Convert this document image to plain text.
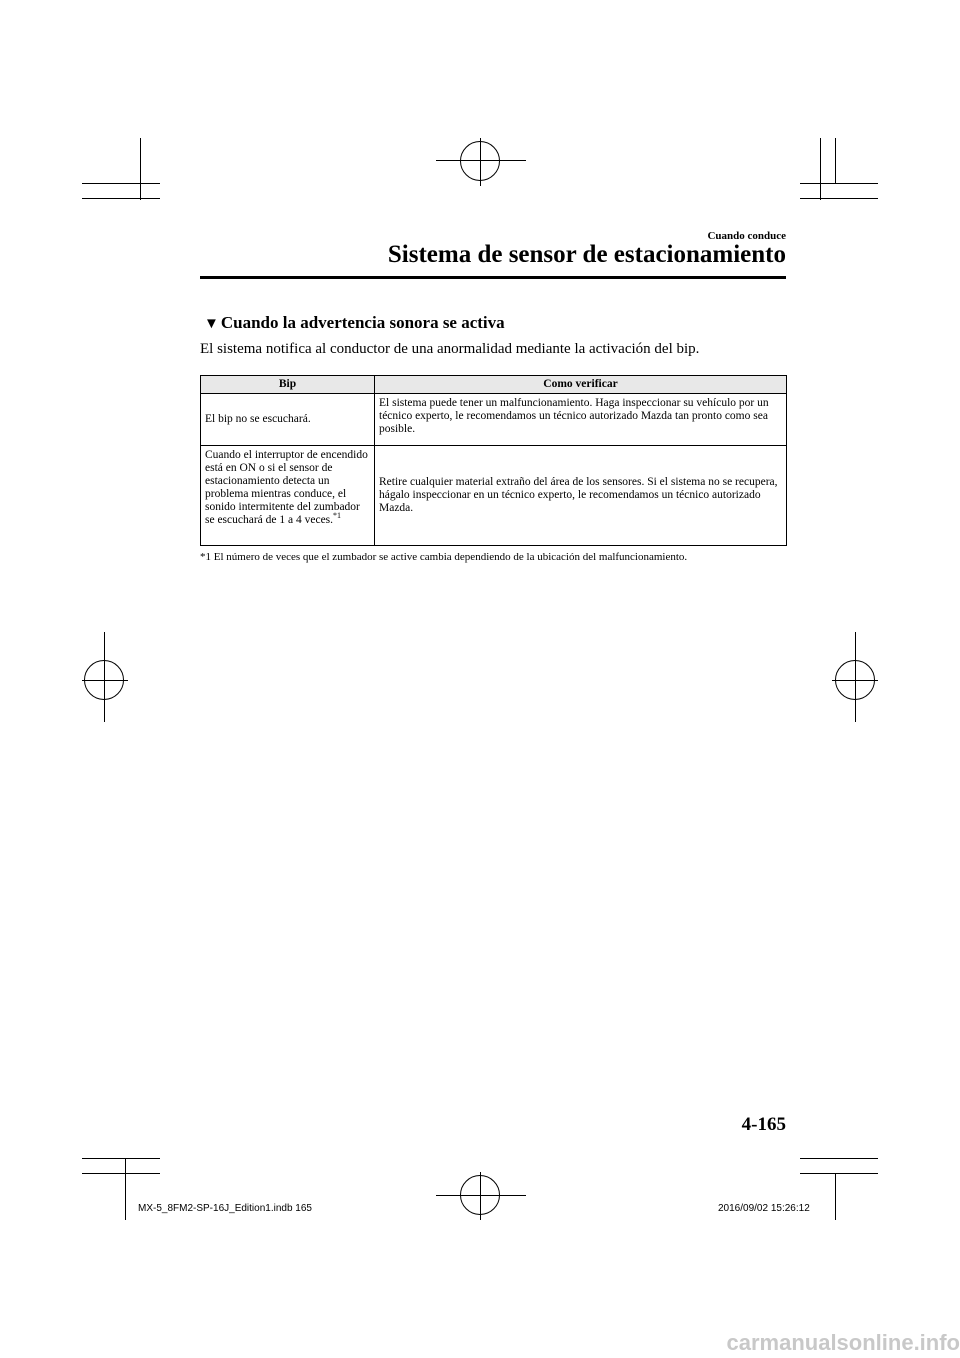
Cuando conduce
Sistema de sensor de estacionamiento
▼ Cuando la advertencia sonora se activa
El sistema notifica al conductor de una anormalidad mediante la activación del bip.
Bip	Como verificar
El bip no se escuchará.	El sistema puede tener un malfuncionamiento. Haga inspeccionar su vehículo por un técnico experto, le recomendamos un técnico autorizado Mazda tan pronto como sea posible.
Cuando el interruptor de encendido está en ON o si el sensor de estacionamiento detecta un problema mientras conduce, el sonido intermitente del zumbador se escuchará de 1 a 4 veces.$^{*1}$	Retire cualquier material extraño del área de los sensores. Si el sistema no se recupera, hágalo inspeccionar en un técnico experto, le recomendamos un técnico autorizado Mazda.
*1 El número de veces que el zumbador se active cambia dependiendo de la ubicación del malfuncionamiento.
4-165
MX-5_8FM2-SP-16J_Edition1.indb 165	2016/09/02 15:26:12
carmanualsonline.info
